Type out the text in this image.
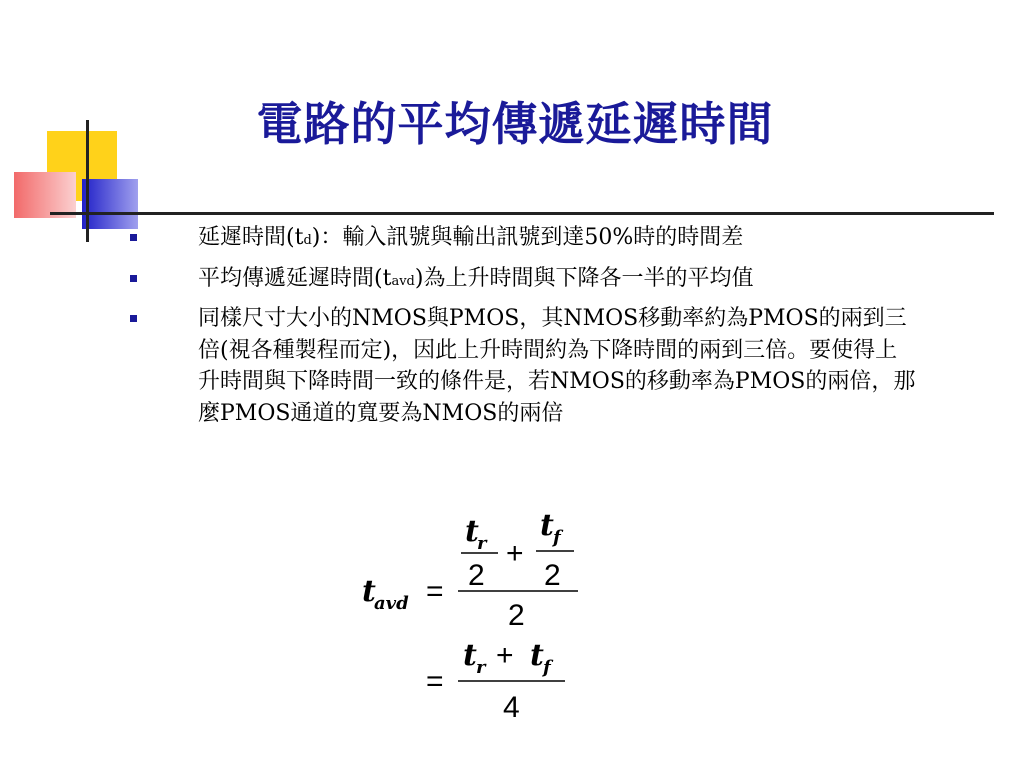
電路的平均傳遞延遲時間
延遲時間(td)：輸入訊號與輸出訊號到達50%時的時間差
平均傳遞延遲時間(tavd)為上升時間與下降各一半的平均值
同樣尺寸大小的NMOS與PMOS，其NMOS移動率約為PMOS的兩到三倍(視各種製程而定)，因此上升時間約為下降時間的兩到三倍。要使得上升時間與下降時間一致的條件是，若NMOS的移動率為PMOS的兩倍，那麼PMOS通道的寬要為NMOS的兩倍
t
r
2
+
t f
2
2
t
avd =
=
t r + t f
4
